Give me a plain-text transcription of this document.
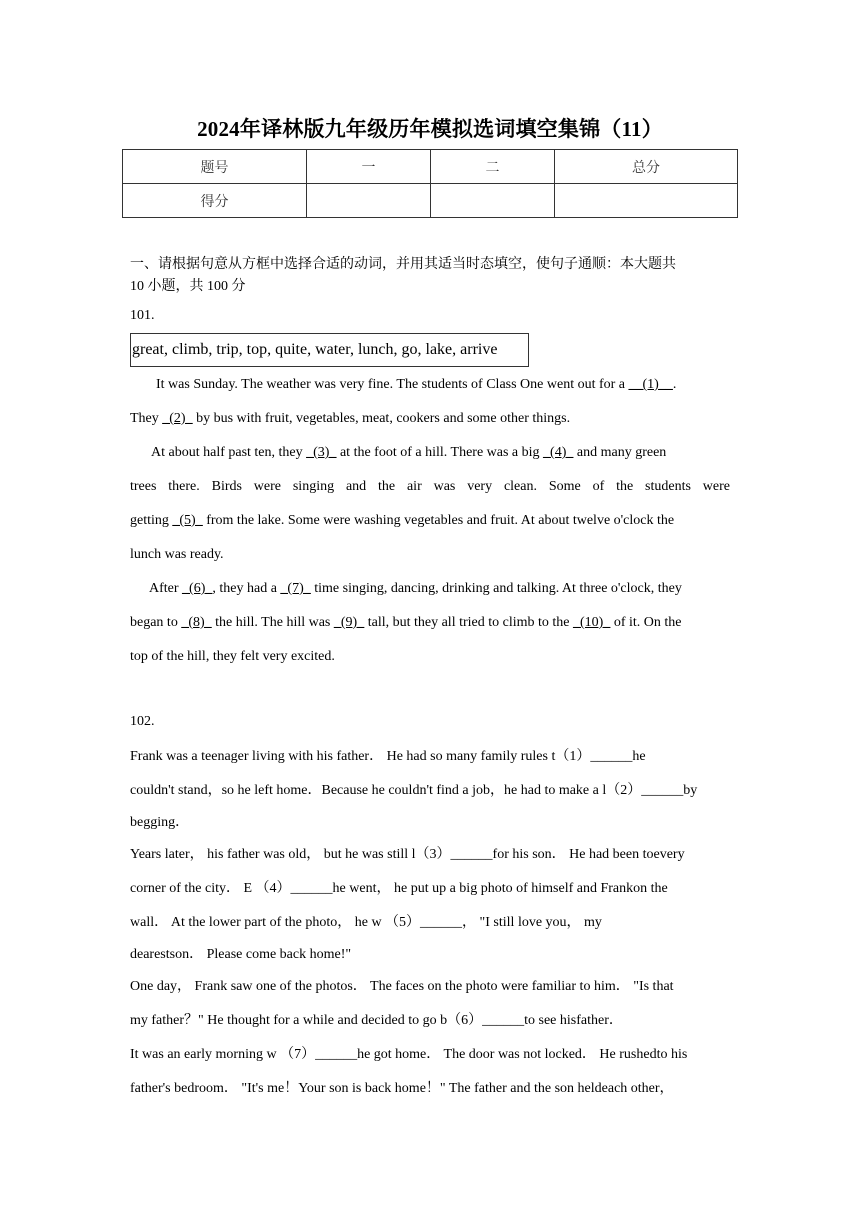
2024年译林版九年级历年模拟选词填空集锦（11）
题号	一	二	总分
得分			
一、请根据句意从方框中选择合适的动词，并用其适当时态填空，使句子通顺：本大题共
10 小题，共 100 分
101.
great, climb, trip, top, quite, water, lunch, go, lake, arrive
It was Sunday. The weather was very fine. The students of Class One went out for a __(1)__.
They _(2)_ by bus with fruit, vegetables, meat, cookers and some other things.
At about half past ten, they _(3)_ at the foot of a hill. There was a big _(4)_ and many green
trees there. Birds were singing and the air was very clean. Some of the students were
getting _(5)_ from the lake. Some were washing vegetables and fruit. At about twelve o'clock the
lunch was ready.
After _(6)_, they had a _(7)_ time singing, dancing, drinking and talking. At three o'clock, they
began to _(8)_ the hill. The hill was _(9)_ tall, but they all tried to climb to the _(10)_ of it. On the
top of the hill, they felt very excited.
102.
Frank was a teenager living with his father． He had so many family rules t（1）______he
couldn't stand，so he left home．Because he couldn't find a job，he had to make a l（2）______by
begging．
Years later， his father was old， but he was still l（3）______for his son． He had been toevery
corner of the city． E （4）______he went， he put up a big photo of himself and Frankon the
wall． At the lower part of the photo， he w （5）______， "I still love you， my
dearestson． Please come back home!"
One day， Frank saw one of the photos． The faces on the photo were familiar to him． "Is that
my father？" He thought for a while and decided to go b（6）______to see hisfather．
It was an early morning w （7）______he got home． The door was not locked． He rushedto his
father's bedroom． "It's me！Your son is back home！" The father and the son heldeach other，
